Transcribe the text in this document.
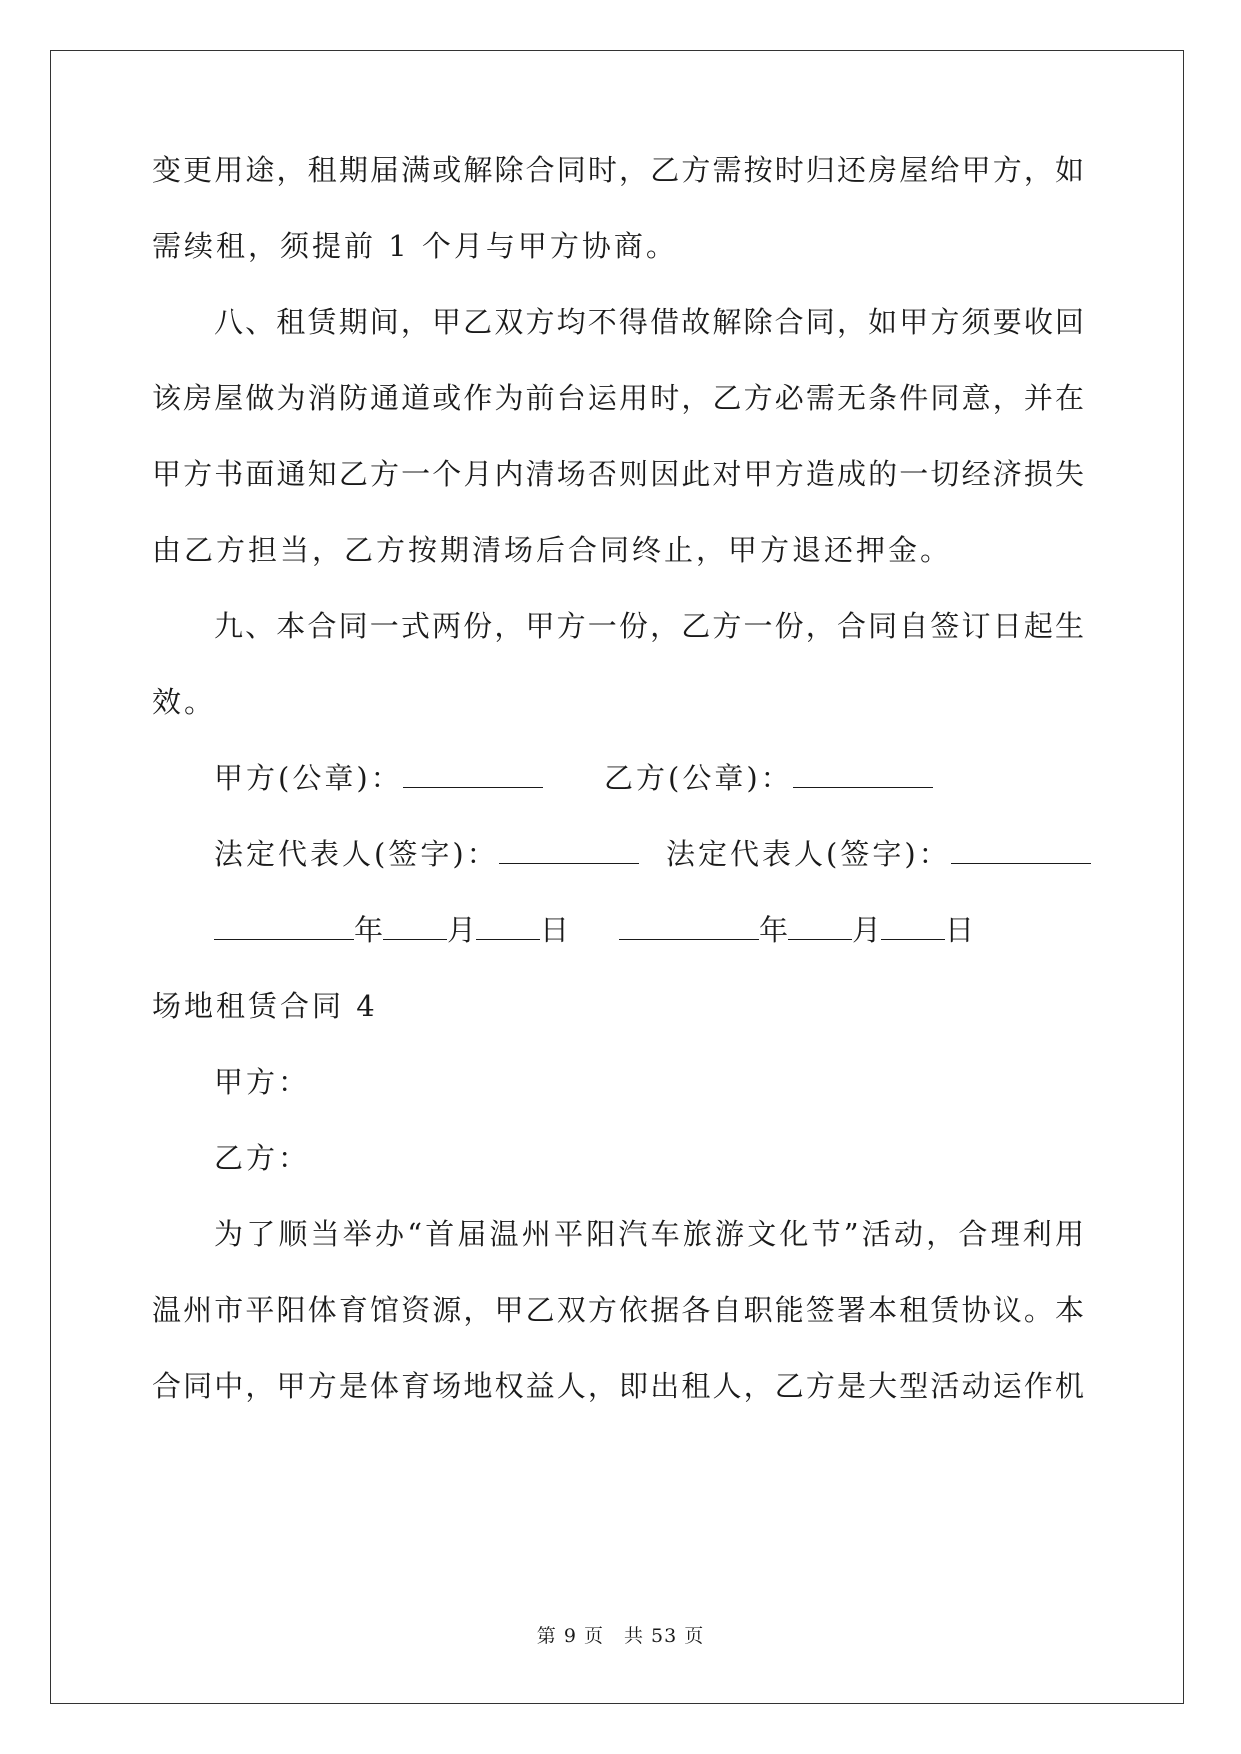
变更用途，租期届满或解除合同时，乙方需按时归还房屋给甲方，如
需续租，须提前 1 个月与甲方协商。
八、租赁期间，甲乙双方均不得借故解除合同，如甲方须要收回
该房屋做为消防通道或作为前台运用时，乙方必需无条件同意，并在
甲方书面通知乙方一个月内清场否则因此对甲方造成的一切经济损失
由乙方担当，乙方按期清场后合同终止，甲方退还押金。
九、本合同一式两份，甲方一份，乙方一份，合同自签订日起生
效。
甲方(公章)：	乙方(公章)：
法定代表人(签字)：	法定代表人(签字)：
年 月 日	年 月 日
场地租赁合同 4
甲方：
乙方：
为了顺当举办“首届温州平阳汽车旅游文化节”活动，合理利用
温州市平阳体育馆资源，甲乙双方依据各自职能签署本租赁协议。本
合同中，甲方是体育场地权益人，即出租人，乙方是大型活动运作机
第 9 页　共 53 页
